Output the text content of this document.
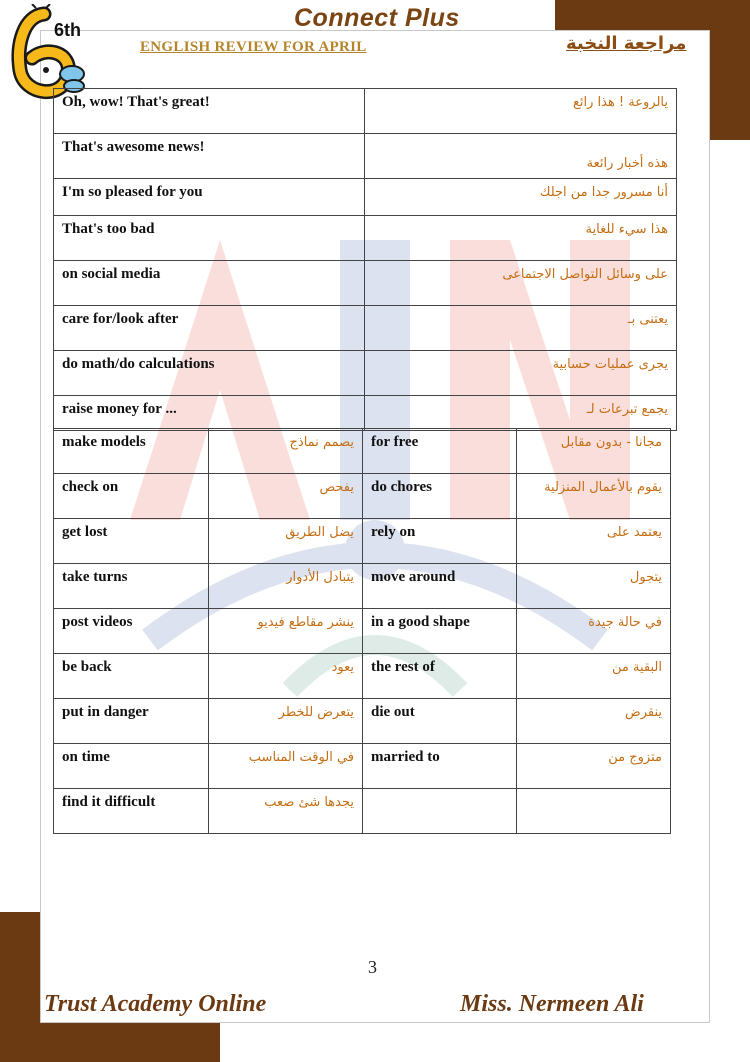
6th	Connect Plus
ENGLISH REVIEW FOR APRIL	مراجعة النخبة
Oh, wow! That's great!	يالروعة ! هذا رائع
That's awesome news!	هذه أخبار رائعة
I'm so pleased for you	أنا مسرور جدا من اجلك
That's too bad	هذا سيء للغاية
on social media	على وسائل التواصل الاجتماعى
care for/look after	يعتنى بـ
do math/do calculations	يجرى عمليات حسابية
raise money for ...	يجمع تبرعات لـ
make models	يصمم نماذج	for free	مجانا - بدون مقابل
check on	يفحص	do chores	يقوم بالأعمال المنزلية
get lost	يضل الطريق	rely on	يعتمد على
take turns	يتبادل الأدوار	move around	يتجول
post videos	ينشر مقاطع فيديو	in a good shape	في حالة جيدة
be back	يعود	the rest of	البقية من
put in danger	يتعرض للخطر	die out	ينقرض
on time	في الوقت المناسب	married to	متزوج من
find it difficult	يجدها شئ صعب		
3
Trust Academy Online	Miss. Nermeen Ali
